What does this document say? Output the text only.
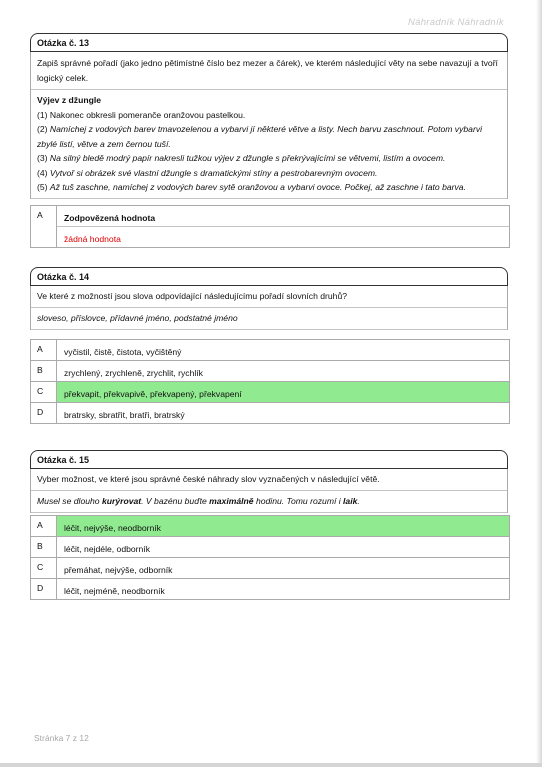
Náhradník Náhradník
Otázka č. 13
Zapiš správné pořadí (jako jedno pětimístné číslo bez mezer a čárek), ve kterém následující věty na sebe navazují a tvoří logický celek.
Výjev z džungle
(1) Nakonec obkresli pomeranče oranžovou pastelkou.
(2) Namíchej z vodových barev tmavozelenou a vybarvi jí některé větve a listy. Nech barvu zaschnout. Potom vybarvi zbylé listí, větve a zem černou tuší.
(3) Na silný bledě modrý papír nakresli tužkou výjev z džungle s překrývajícími se větvemi, listím a ovocem.
(4) Vytvoř si obrázek své vlastní džungle s dramatickými stíny a pestrobarevným ovocem.
(5) Až tuš zaschne, namíchej z vodových barev sytě oranžovou a vybarvi ovoce. Počkej, až zaschne i tato barva.
A	Zodpovězená hodnota
žádná hodnota
Otázka č. 14
Ve které z možností jsou slova odpovídající následujícímu pořadí slovních druhů?
sloveso, příslovce, přídavné jméno, podstatné jméno
A	vyčistil, čistě, čistota, vyčištěný
B	zrychlený, zrychleně, zrychlit, rychlík
C	překvapit, překvapivě, překvapený, překvapení
D	bratrsky, sbratřit, bratři, bratrský
Otázka č. 15
Vyber možnost, ve které jsou správné české náhrady slov vyznačených v následující větě.
Musel se dlouho kurýrovat. V bazénu buďte maximálně hodinu. Tomu rozumí i laik.
A	léčit, nejvýše, neodborník
B	léčit, nejdéle, odborník
C	přemáhat, nejvýše, odborník
D	léčit, nejméně, neodborník
Stránka 7 z 12
